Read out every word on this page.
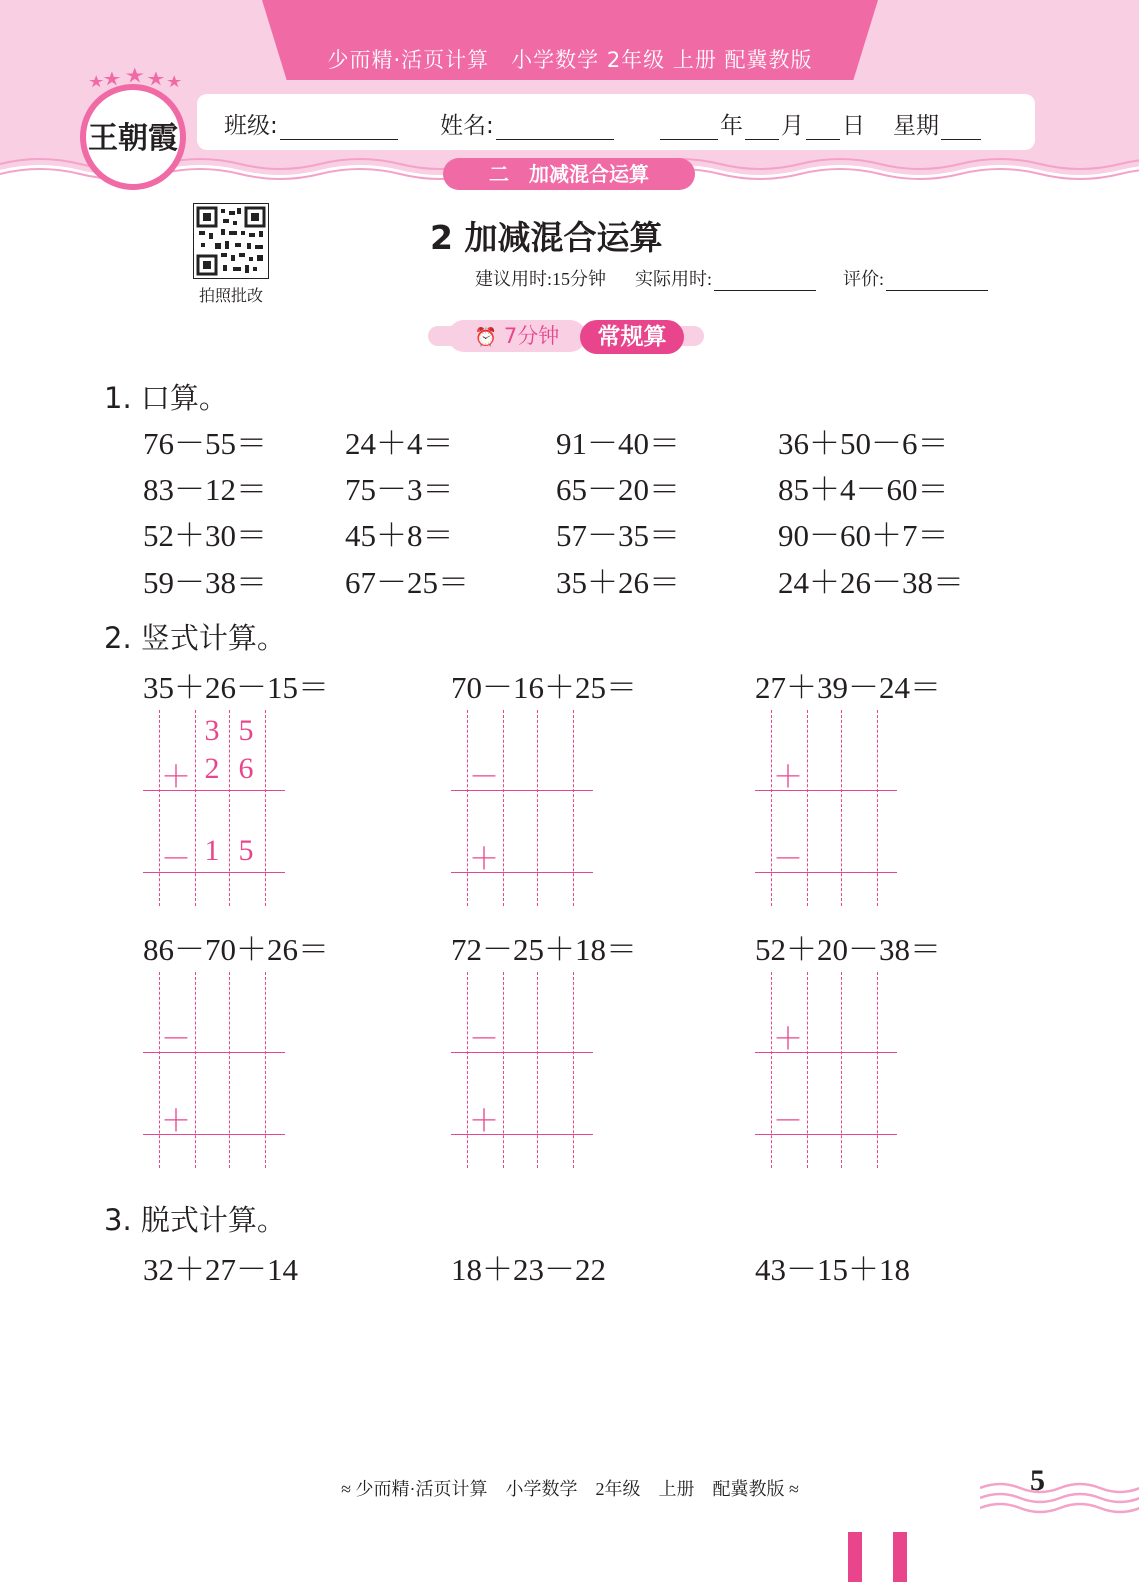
少而精·活页计算　小学数学 2年级 上册 配冀教版
班级:	姓名:	年 月 日 星期
二　加减混合运算
王朝霞
拍照批改
2 加减混合运算
建议用时:15分钟 实际用时:	评价:
⏰ 7分钟	常规算
1. 口算。
76－55＝	24＋4＝	91－40＝	36＋50－6＝
83－12＝	75－3＝	65－20＝	85＋4－60＝
52＋30＝	45＋8＝	57－35＝	90－60＋7＝
59－38＝	67－25＝	35＋26＝	24＋26－38＝
2. 竖式计算。
35＋26－15＝
3 5
＋ 2 6
－ 1 5
70－16＋25＝
－
＋
27＋39－24＝
＋
－
86－70＋26＝
－
＋
72－25＋18＝
－
＋
52＋20－38＝
＋
－
3. 脱式计算。
32＋27－14	18＋23－22	43－15＋18
≈ 少而精·活页计算　小学数学　2年级　上册　配冀教版 ≈	5
